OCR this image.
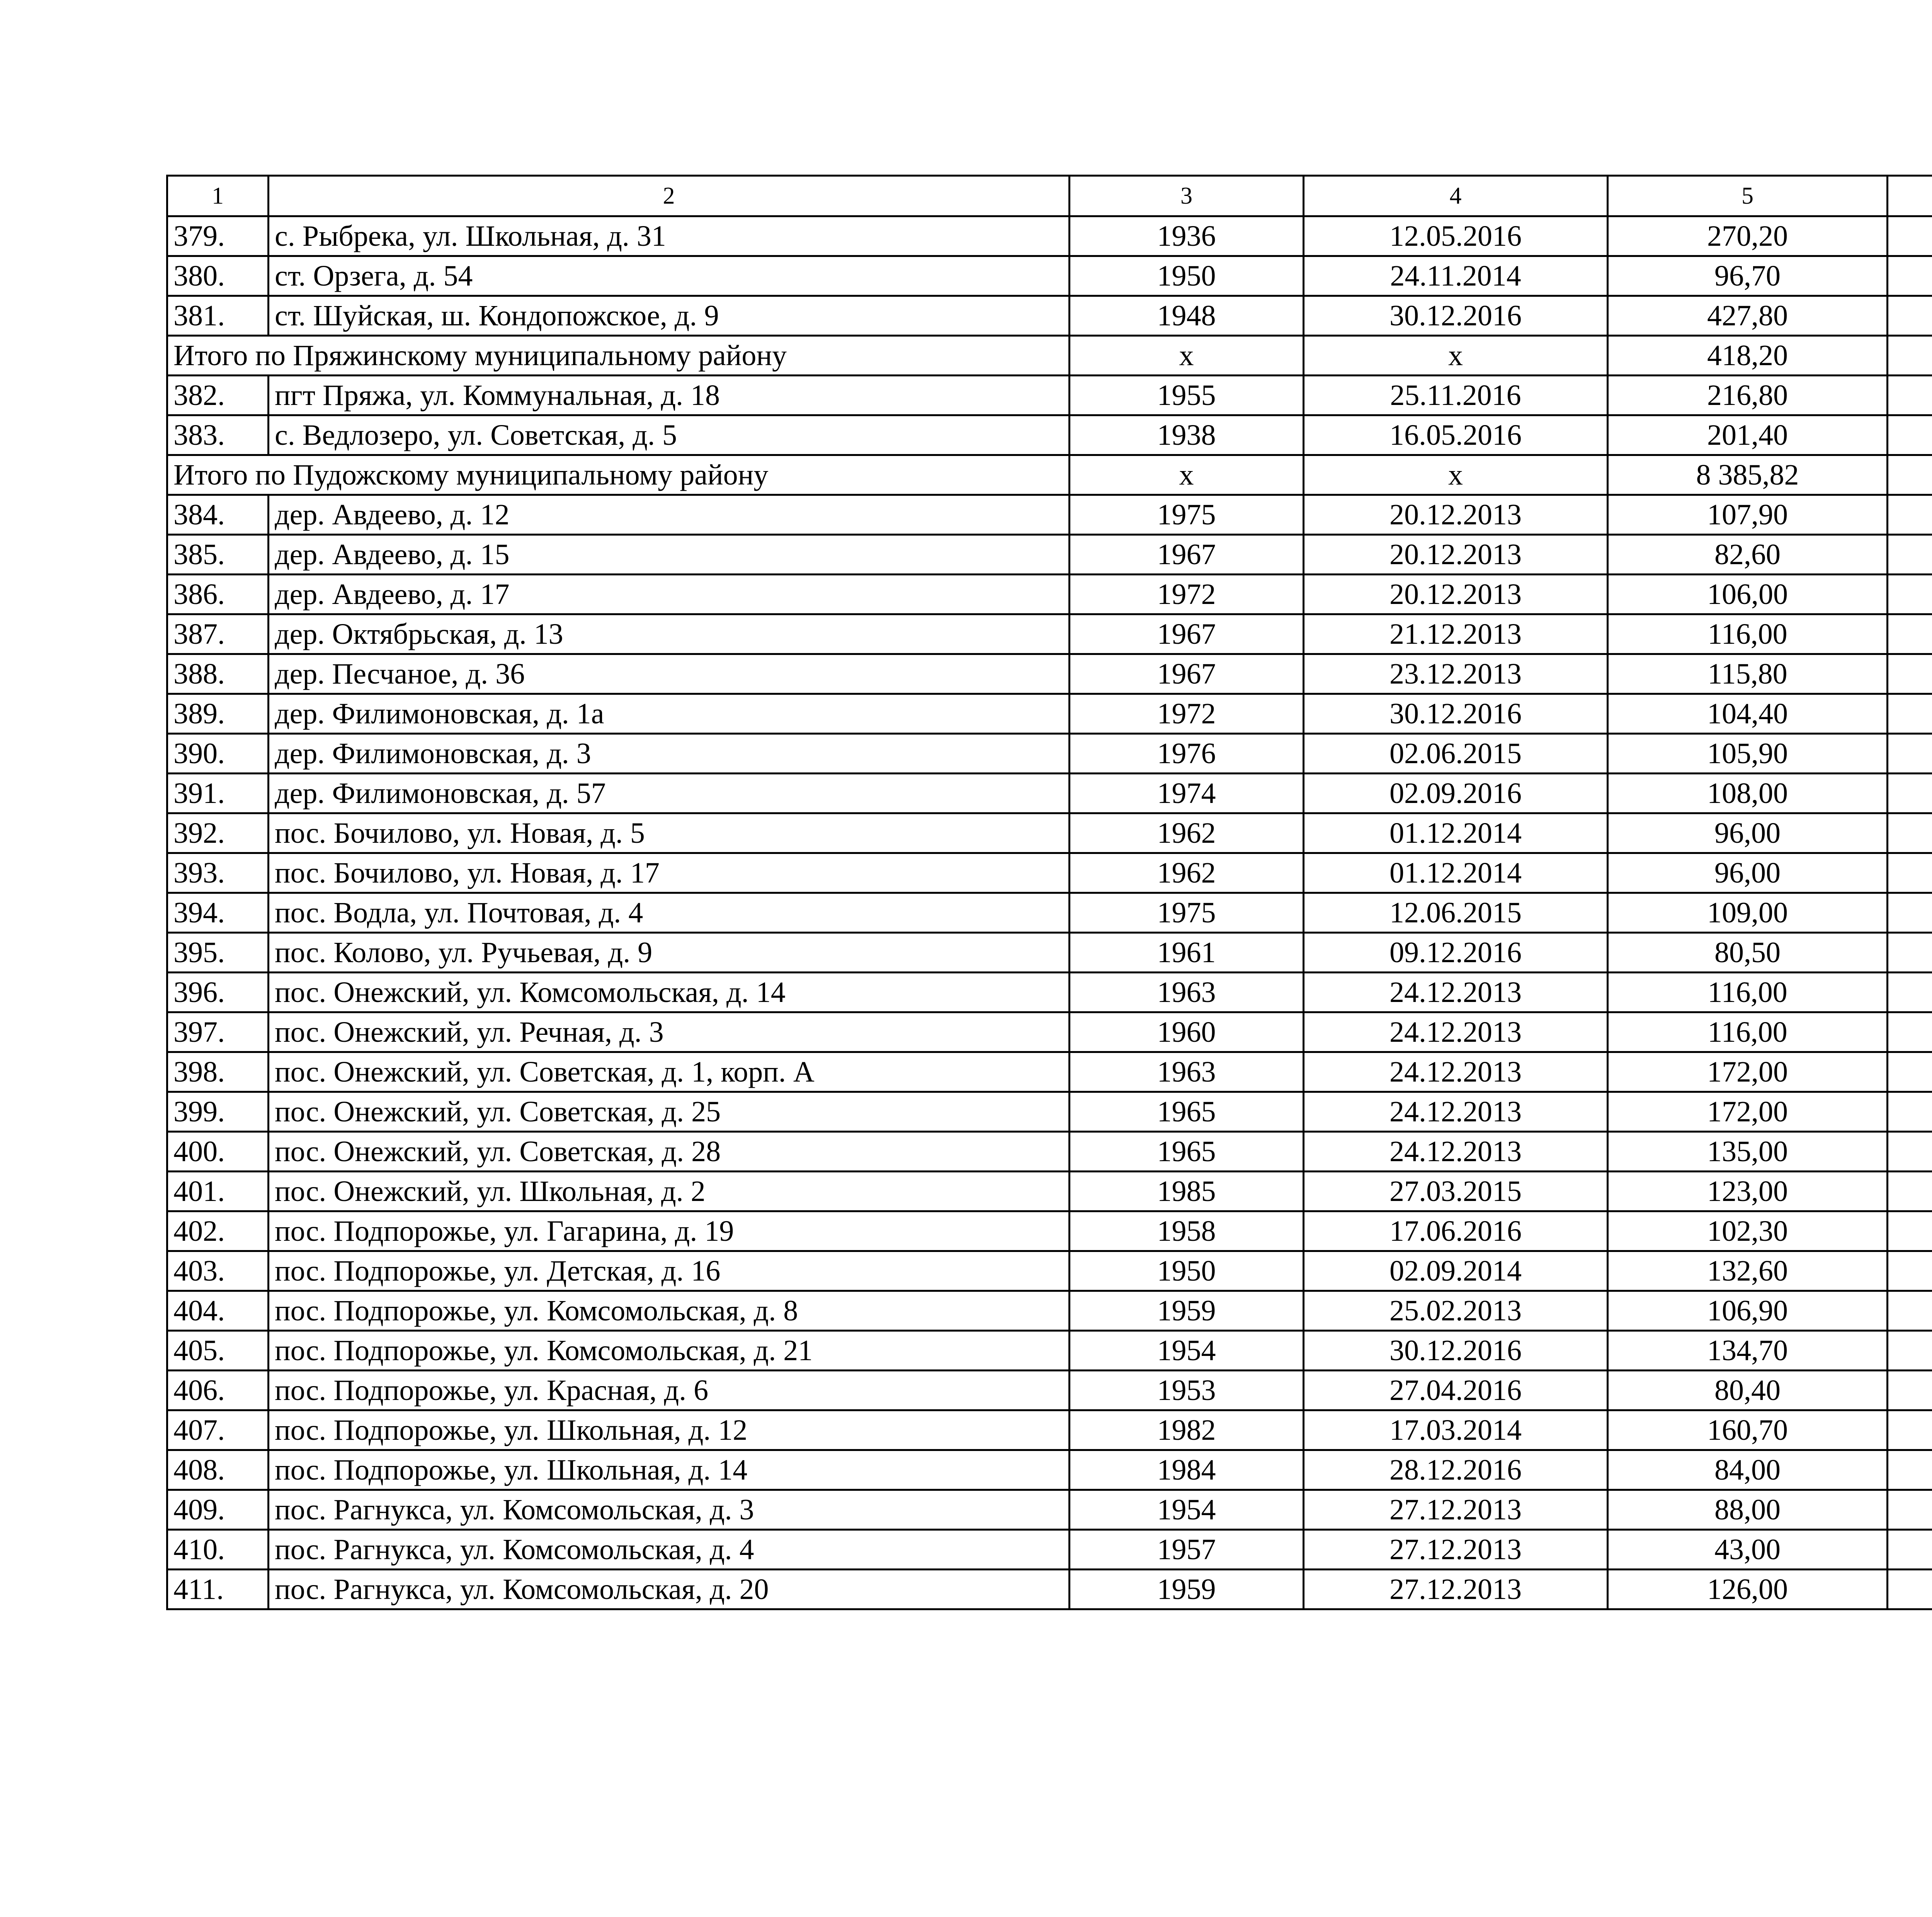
1	2	3	4	5		
379.	с. Рыбрека, ул. Школьная, д. 31	1936	12.05.2016	270,20		
380.	ст. Орзега, д. 54	1950	24.11.2014	96,70		
381.	ст. Шуйская, ш. Кондопожское, д. 9	1948	30.12.2016	427,80		
Итого по Пряжинскому муниципальному району		х	х	418,20		
382.	пгт Пряжа, ул. Коммунальная, д. 18	1955	25.11.2016	216,80		
383.	с. Ведлозеро, ул. Советская, д. 5	1938	16.05.2016	201,40		
Итого по Пудожскому муниципальному району		х	х	8 385,82		
384.	дер. Авдеево, д. 12	1975	20.12.2013	107,90		
385.	дер. Авдеево, д. 15	1967	20.12.2013	82,60		
386.	дер. Авдеево, д. 17	1972	20.12.2013	106,00		
387.	дер. Октябрьская, д. 13	1967	21.12.2013	116,00		
388.	дер. Песчаное, д. 36	1967	23.12.2013	115,80		
389.	дер. Филимоновская, д. 1а	1972	30.12.2016	104,40		
390.	дер. Филимоновская, д. 3	1976	02.06.2015	105,90		
391.	дер. Филимоновская, д. 57	1974	02.09.2016	108,00		
392.	пос. Бочилово, ул. Новая, д. 5	1962	01.12.2014	96,00		
393.	пос. Бочилово, ул. Новая, д. 17	1962	01.12.2014	96,00		
394.	пос. Водла, ул. Почтовая, д. 4	1975	12.06.2015	109,00		
395.	пос. Колово, ул. Ручьевая, д. 9	1961	09.12.2016	80,50		
396.	пос. Онежский, ул. Комсомольская, д. 14	1963	24.12.2013	116,00		
397.	пос. Онежский, ул. Речная, д. 3	1960	24.12.2013	116,00		
398.	пос. Онежский, ул. Советская, д. 1, корп. А	1963	24.12.2013	172,00		
399.	пос. Онежский, ул. Советская, д. 25	1965	24.12.2013	172,00		
400.	пос. Онежский, ул. Советская, д. 28	1965	24.12.2013	135,00		
401.	пос. Онежский, ул. Школьная, д. 2	1985	27.03.2015	123,00		
402.	пос. Подпорожье, ул. Гагарина, д. 19	1958	17.06.2016	102,30		
403.	пос. Подпорожье, ул. Детская, д. 16	1950	02.09.2014	132,60		
404.	пос. Подпорожье, ул. Комсомольская, д. 8	1959	25.02.2013	106,90		
405.	пос. Подпорожье, ул. Комсомольская, д. 21	1954	30.12.2016	134,70		
406.	пос. Подпорожье, ул. Красная, д. 6	1953	27.04.2016	80,40		
407.	пос. Подпорожье, ул. Школьная, д. 12	1982	17.03.2014	160,70		
408.	пос. Подпорожье, ул. Школьная, д. 14	1984	28.12.2016	84,00		
409.	пос. Рагнукса, ул. Комсомольская, д. 3	1954	27.12.2013	88,00		
410.	пос. Рагнукса, ул. Комсомольская, д. 4	1957	27.12.2013	43,00		
411.	пос. Рагнукса, ул. Комсомольская, д. 20	1959	27.12.2013	126,00		
